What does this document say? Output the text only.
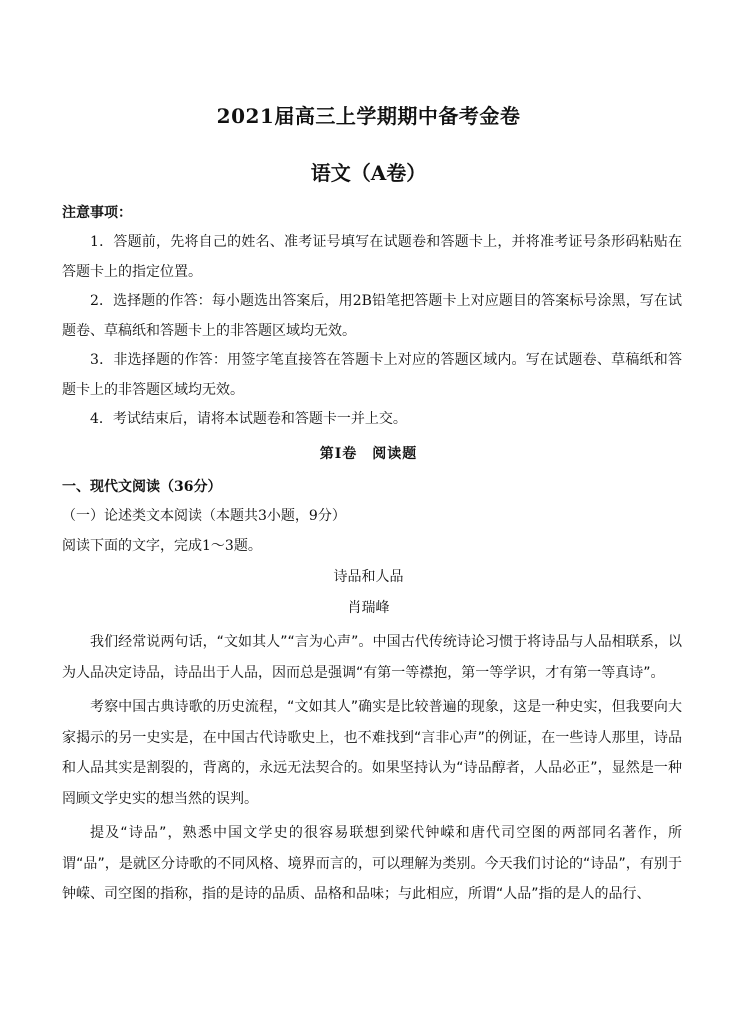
2021届高三上学期期中备考金卷
语文（A卷）
注意事项：

1．答题前，先将自己的姓名、准考证号填写在试题卷和答题卡上，并将准考证号条形码粘贴在答题卡上的指定位置。

2．选择题的作答：每小题选出答案后，用2B铅笔把答题卡上对应题目的答案标号涂黑，写在试题卷、草稿纸和答题卡上的非答题区域均无效。

3．非选择题的作答：用签字笔直接答在答题卡上对应的答题区域内。写在试题卷、草稿纸和答题卡上的非答题区域均无效。

4．考试结束后，请将本试题卷和答题卡一并上交。

第Ⅰ卷　阅读题
一、现代文阅读（36分）
（一）论述类文本阅读（本题共3小题，9分）
阅读下面的文字，完成1～3题。
诗品和人品
肖瑞峰

我们经常说两句话，“文如其人”“言为心声”。中国古代传统诗论习惯于将诗品与人品相联系，以为人品决定诗品，诗品出于人品，因而总是强调“有第一等襟抱，第一等学识，才有第一等真诗”。

考察中国古典诗歌的历史流程，“文如其人”确实是比较普遍的现象，这是一种史实，但我要向大家揭示的另一史实是，在中国古代诗歌史上，也不难找到“言非心声”的例证，在一些诗人那里，诗品和人品其实是割裂的，背离的，永远无法契合的。如果坚持认为“诗品醇者，人品必正”，显然是一种罔顾文学史实的想当然的误判。

提及“诗品”，熟悉中国文学史的很容易联想到梁代钟嵘和唐代司空图的两部同名著作，所谓“品”，是就区分诗歌的不同风格、境界而言的，可以理解为类别。今天我们讨论的“诗品”，有别于钟嵘、司空图的指称，指的是诗的品质、品格和品味；与此相应，所谓“人品”指的是人的品行、
